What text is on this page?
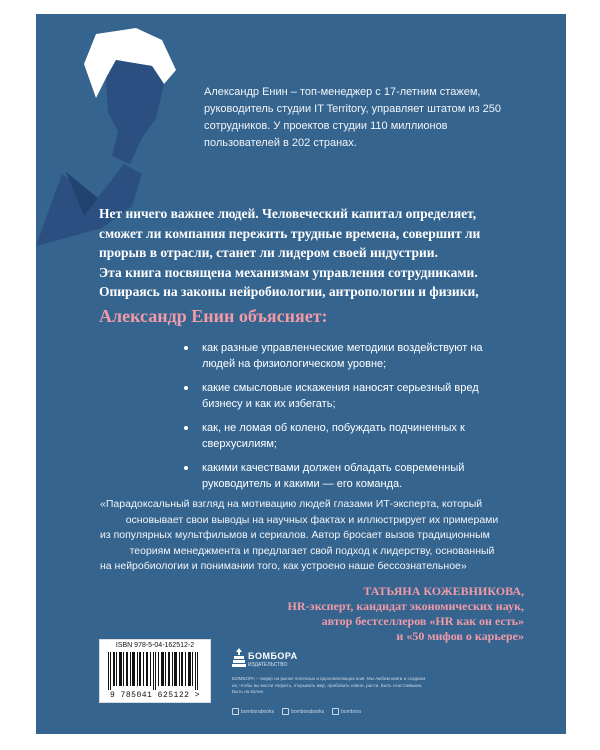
Александр Енин – топ-менеджер с 17-летним стажем, руководитель студии IT Territory, управляет штатом из 250 сотрудников. У проектов студии 110 миллионов пользователей в 202 странах.

Нет ничего важнее людей. Человеческий капитал определяет,
сможет ли компания пережить трудные времена, совершит ли
прорыв в отрасли, станет ли лидером своей индустрии.
Эта книга посвящена механизмам управления сотрудниками.
Опираясь на законы нейробиологии, антропологии и физики,
Александр Енин объясняет:
как разные управленческие методики воздействуют на людей на физиологическом уровне;
какие смысловые искажения наносят серьезный вред бизнесу и как их избегать;
как, не ломая об колено, побуждать подчиненных к сверхусилиям;
какими качествами должен обладать современный руководитель и какими — его команда.
«Парадоксальный взгляд на мотивацию людей глазами ИТ-эксперта, который
основывает свои выводы на научных фактах и иллюстрирует их примерами
из популярных мультфильмов и сериалов. Автор бросает вызов традиционным
теориям менеджмента и предлагает свой подход к лидерству, основанный
на нейробиологии и понимании того, как устроено наше бессознательное»
ТАТЬЯНА КОЖЕВНИКОВА,
HR-эксперт, кандидат экономических наук,
автор бестселлеров «HR как он есть»
и «50 мифов о карьере»
ISBN 978-5-04-162512-2
9 785041 625122 >
БОМБОРА
ИЗДАТЕЛЬСТВО
БОМБОРА – лидер на рынке полезных и вдохновляющих книг. Мы любим книги и создаем их, чтобы вы могли творить, открывать мир, пробовать новое, расти. Быть счастливыми. Быть на волне.
bomborabooks	bomborabooks	bombora
